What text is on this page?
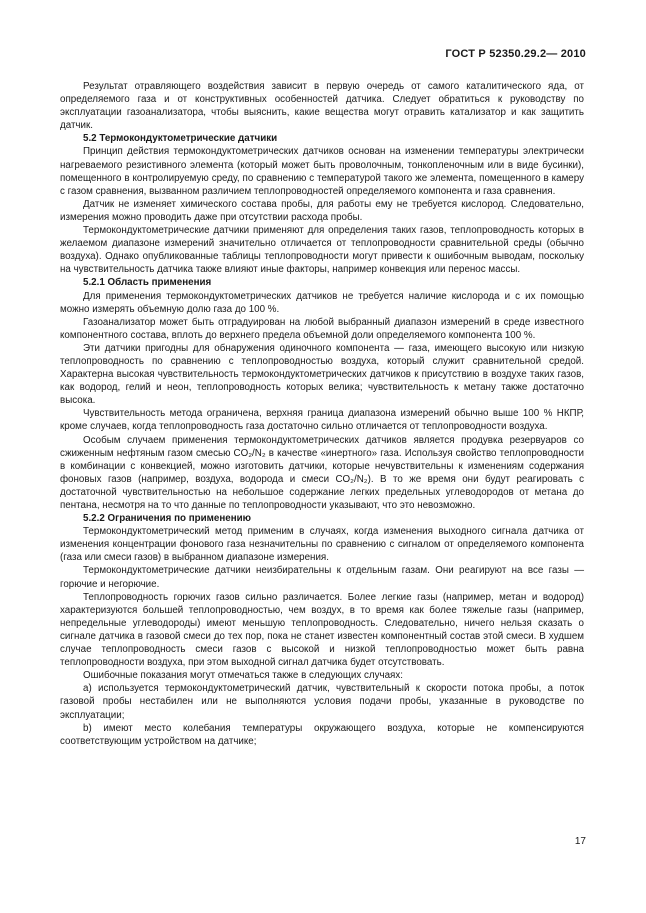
ГОСТ Р 52350.29.2— 2010

Результат отравляющего воздействия зависит в первую очередь от самого каталитического яда, от определяемого газа и от конструктивных особенностей датчика. Следует обратиться к руководству по эксплуатации газоанализатора, чтобы выяснить, какие вещества могут отравить катализатор и как защитить датчик.

5.2 Термокондуктометрические датчики

Принцип действия термокондуктометрических датчиков основан на изменении температуры электрически нагреваемого резистивного элемента (который может быть проволочным, тонкопленочным или в виде бусинки), помещенного в контролируемую среду, по сравнению с температурой такого же элемента, помещенного в камеру с газом сравнения, вызванном различием теплопроводностей определяемого компонента и газа сравнения.

Датчик не изменяет химического состава пробы, для работы ему не требуется кислород. Следовательно, измерения можно проводить даже при отсутствии расхода пробы.

Термокондуктометрические датчики применяют для определения таких газов, теплопроводность которых в желаемом диапазоне измерений значительно отличается от теплопроводности сравнительной среды (обычно воздуха). Однако опубликованные таблицы теплопроводности могут привести к ошибочным выводам, поскольку на чувствительность датчика также влияют иные факторы, например конвекция или перенос массы.

5.2.1 Область применения

Для применения термокондуктометрических датчиков не требуется наличие кислорода и с их помощью можно измерять объемную долю газа до 100 %.

Газоанализатор может быть отградуирован на любой выбранный диапазон измерений в среде известного компонентного состава, вплоть до верхнего предела объемной доли определяемого компонента 100 %.

Эти датчики пригодны для обнаружения одиночного компонента — газа, имеющего высокую или низкую теплопроводность по сравнению с теплопроводностью воздуха, который служит сравнительной средой. Характерна высокая чувствительность термокондуктометрических датчиков к присутствию в воздухе таких газов, как водород, гелий и неон, теплопроводность которых велика; чувствительность к метану также достаточно высока.

Чувствительность метода ограничена, верхняя граница диапазона измерений обычно выше 100 % НКПР, кроме случаев, когда теплопроводность газа достаточно сильно отличается от теплопроводности воздуха.

Особым случаем применения термокондуктометрических датчиков является продувка резервуаров со сжиженным нефтяным газом смесью CO₂/N₂ в качестве «инертного» газа. Используя свойство теплопроводности в комбинации с конвекцией, можно изготовить датчики, которые нечувствительны к изменениям содержания фоновых газов (например, воздуха, водорода и смеси CO₂/N₂). В то же время они будут реагировать с достаточной чувствительностью на небольшое содержание легких предельных углеводородов от метана до пентана, несмотря на то что данные по теплопроводности указывают, что это невозможно.

5.2.2 Ограничения по применению

Термокондуктометрический метод применим в случаях, когда изменения выходного сигнала датчика от изменения концентрации фонового газа незначительны по сравнению с сигналом от определяемого компонента (газа или смеси газов) в выбранном диапазоне измерения.

Термокондуктометрические датчики неизбирательны к отдельным газам. Они реагируют на все газы — горючие и негорючие.

Теплопроводность горючих газов сильно различается. Более легкие газы (например, метан и водород) характеризуются большей теплопроводностью, чем воздух, в то время как более тяжелые газы (например, непредельные углеводороды) имеют меньшую теплопроводность. Следовательно, ничего нельзя сказать о сигнале датчика в газовой смеси до тех пор, пока не станет известен компонентный состав этой смеси. В худшем случае теплопроводность смеси газов с высокой и низкой теплопроводностью может быть равна теплопроводности воздуха, при этом выходной сигнал датчика будет отсутствовать.

Ошибочные показания могут отмечаться также в следующих случаях:

a) используется термокондуктометрический датчик, чувствительный к скорости потока пробы, а поток газовой пробы нестабилен или не выполняются условия подачи пробы, указанные в руководстве по эксплуатации;

b) имеют место колебания температуры окружающего воздуха, которые не компенсируются соответствующим устройством на датчике;

17
